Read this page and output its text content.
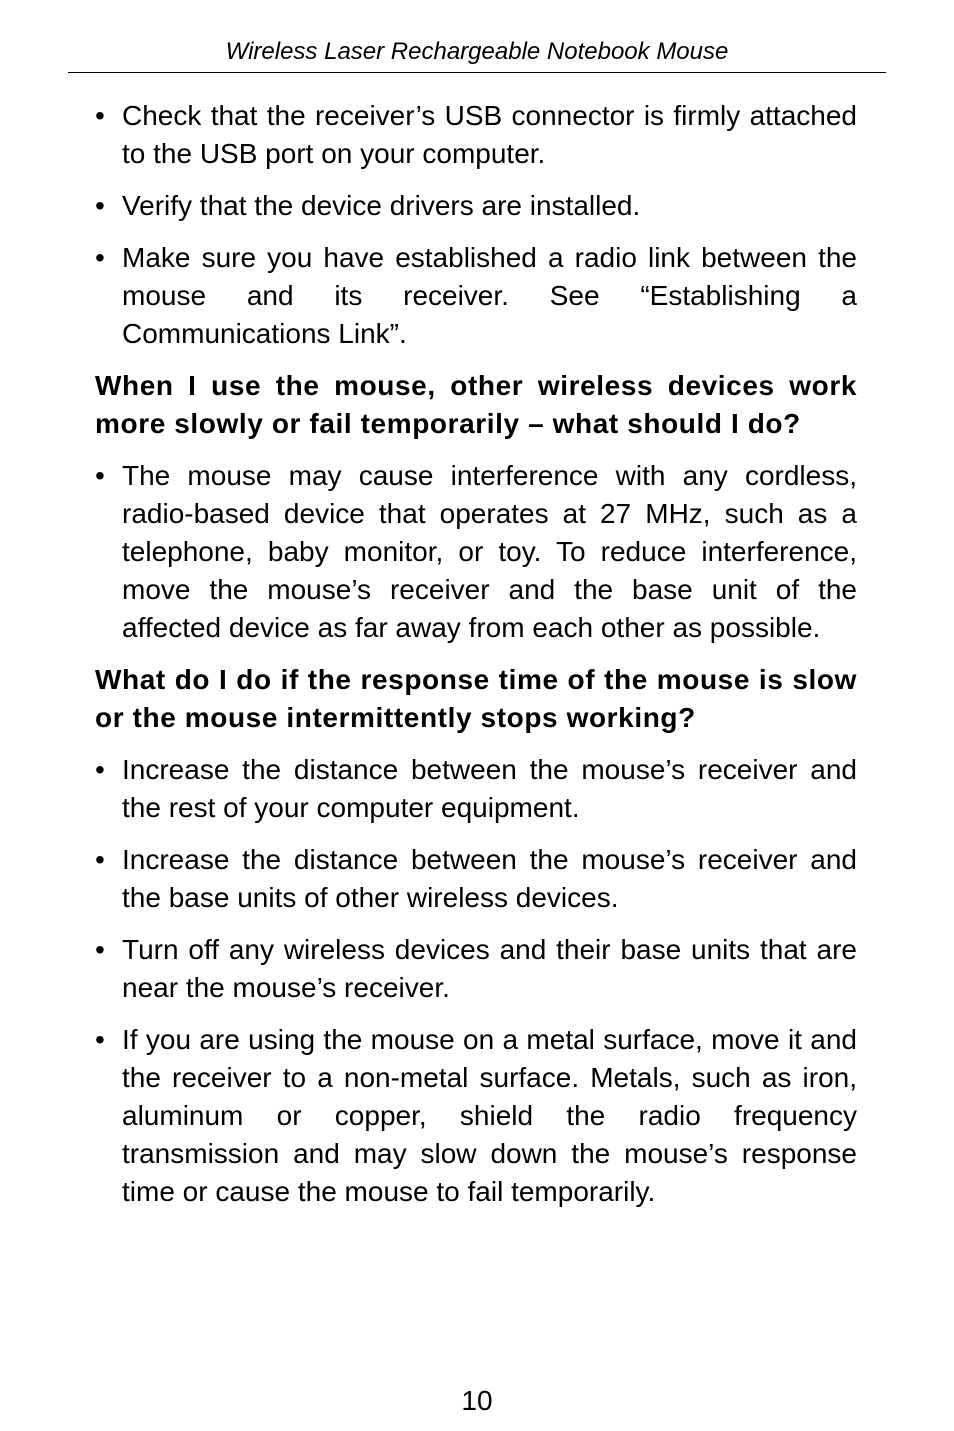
Wireless Laser Rechargeable Notebook Mouse
• Check that the receiver’s USB connector is firmly attached to the USB port on your computer.
• Verify that the device drivers are installed.
• Make sure you have established a radio link between the mouse and its receiver. See “Establishing a Communications Link”.
When I use the mouse, other wireless devices work more slowly or fail temporarily – what should I do?
• The mouse may cause interference with any cordless, radio-based device that operates at 27 MHz, such as a telephone, baby monitor, or toy. To reduce interference, move the mouse’s receiver and the base unit of the affected device as far away from each other as possible.
What do I do if the response time of the mouse is slow or the mouse intermittently stops working?
• Increase the distance between the mouse’s receiver and the rest of your computer equipment.
• Increase the distance between the mouse’s receiver and the base units of other wireless devices.
• Turn off any wireless devices and their base units that are near the mouse’s receiver.
• If you are using the mouse on a metal surface, move it and the receiver to a non-metal surface. Metals, such as iron, aluminum or copper, shield the radio frequency transmission and may slow down the mouse’s response time or cause the mouse to fail temporarily.
10
